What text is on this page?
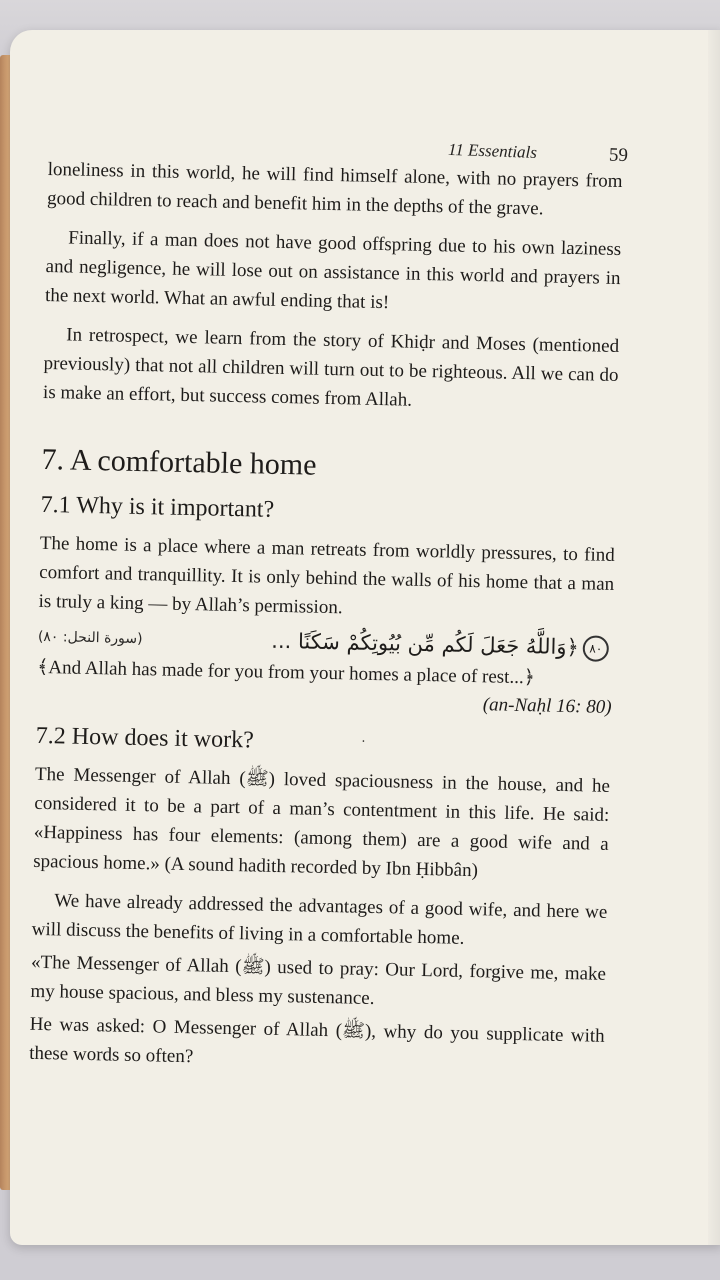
11 Essentials	59

loneliness in this world, he will find himself alone, with no prayers from good children to reach and benefit him in the depths of the grave.

Finally, if a man does not have good offspring due to his own laziness and negligence, he will lose out on assistance in this world and prayers in the next world. What an awful ending that is!

In retrospect, we learn from the story of Khiḍr and Moses (mentioned previously) that not all children will turn out to be righteous. All we can do is make an effort, but success comes from Allah.

7. A comfortable home
7.1 Why is it important?

The home is a place where a man retreats from worldly pressures, to find comfort and tranquillity. It is only behind the walls of his home that a man is truly a king — by Allah’s permission.

(سورة النحل: ٨٠)
٨٠﴿وَاللَّهُ جَعَلَ لَكُم مِّن بُيُوتِكُمْ سَكَنًا ...

﴾And Allah has made for you from your homes a place of rest...﴿

(an-Naḥl 16: 80)

7.2 How does it work?	·

The Messenger of Allah (ﷺ) loved spaciousness in the house, and he considered it to be a part of a man’s contentment in this life. He said: «Happiness has four elements: (among them) are a good wife and a spacious home.» (A sound hadith recorded by Ibn Ḥibbân)

We have already addressed the advantages of a good wife, and here we will discuss the benefits of living in a comfortable home.

«The Messenger of Allah (ﷺ) used to pray: Our Lord, forgive me, make my house spacious, and bless my sustenance.

He was asked: O Messenger of Allah (ﷺ), why do you supplicate with these words so often?
